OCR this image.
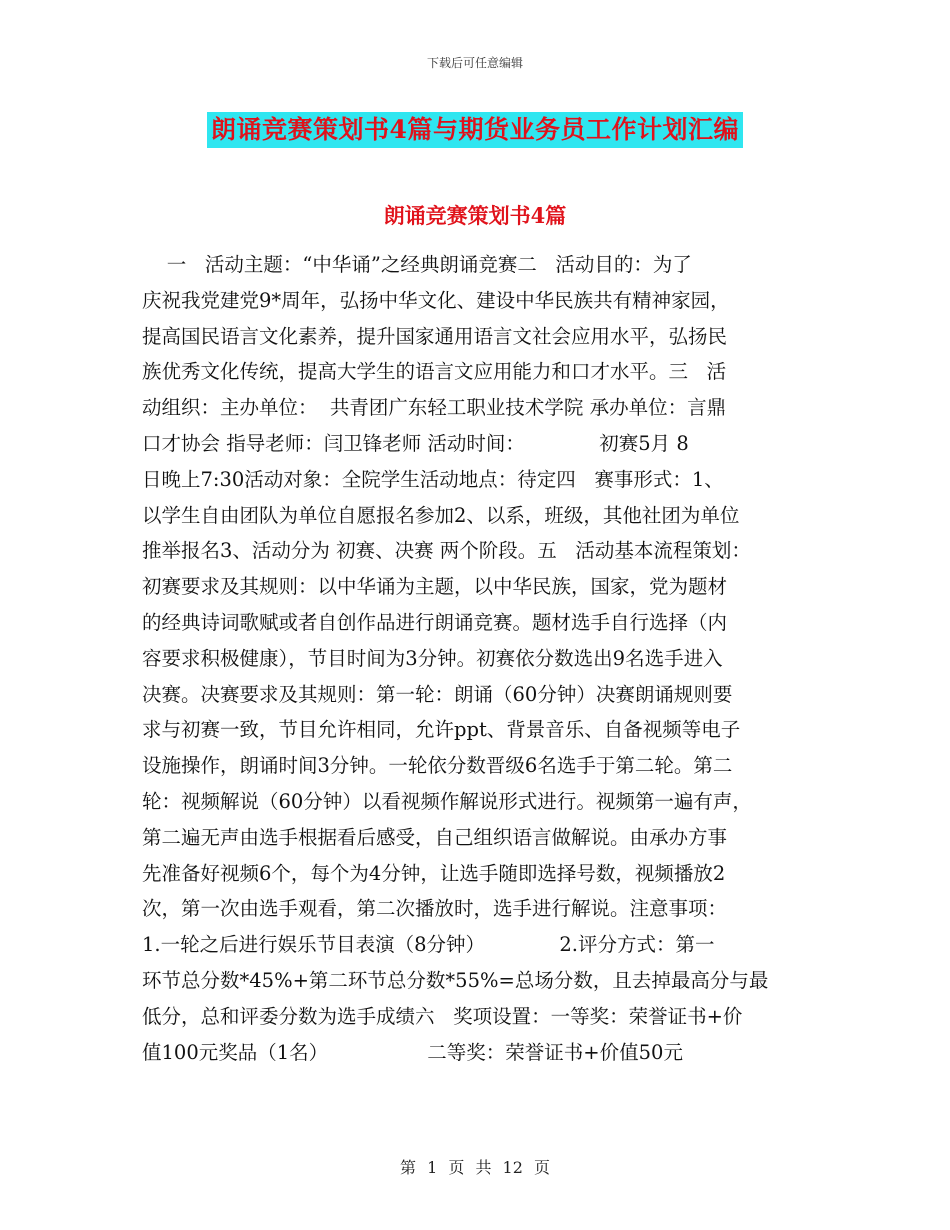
下载后可任意编辑
朗诵竞赛策划书4篇与期货业务员工作计划汇编
朗诵竞赛策划书4篇
一   活动主题：“中华诵”之经典朗诵竞赛二   活动目的：为了
庆祝我党建党9*周年，弘扬中华文化、建设中华民族共有精神家园，
提高国民语言文化素养，提升国家通用语言文社会应用水平，弘扬民
族优秀文化传统，提高大学生的语言文应用能力和口才水平。三   活
动组织：主办单位：  共青团广东轻工职业技术学院 承办单位：言鼎
口才协会 指导老师：闫卫锋老师 活动时间：            初赛5月 8
日晚上7:30活动对象：全院学生活动地点：待定四   赛事形式：1、
以学生自由团队为单位自愿报名参加2、以系，班级，其他社团为单位
推举报名3、活动分为 初赛、决赛 两个阶段。五   活动基本流程策划：
初赛要求及其规则：以中华诵为主题，以中华民族，国家，党为题材
的经典诗词歌赋或者自创作品进行朗诵竞赛。题材选手自行选择（内
容要求积极健康），节目时间为3分钟。初赛依分数选出9名选手进入
决赛。决赛要求及其规则：第一轮：朗诵（60分钟）决赛朗诵规则要
求与初赛一致，节目允许相同，允许ppt、背景音乐、自备视频等电子
设施操作，朗诵时间3分钟。一轮依分数晋级6名选手于第二轮。第二
轮：视频解说（60分钟）以看视频作解说形式进行。视频第一遍有声，
第二遍无声由选手根据看后感受，自己组织语言做解说。由承办方事
先准备好视频6个，每个为4分钟，让选手随即选择号数，视频播放2
次，第一次由选手观看，第二次播放时，选手进行解说。注意事项：
1.一轮之后进行娱乐节目表演（8分钟）            2.评分方式：第一
环节总分数*45%+第二环节总分数*55%=总场分数，且去掉最高分与最
低分，总和评委分数为选手成绩六   奖项设置：一等奖：荣誉证书+价
值100元奖品（1名）                二等奖：荣誉证书+价值50元
第 1 页 共 12 页
